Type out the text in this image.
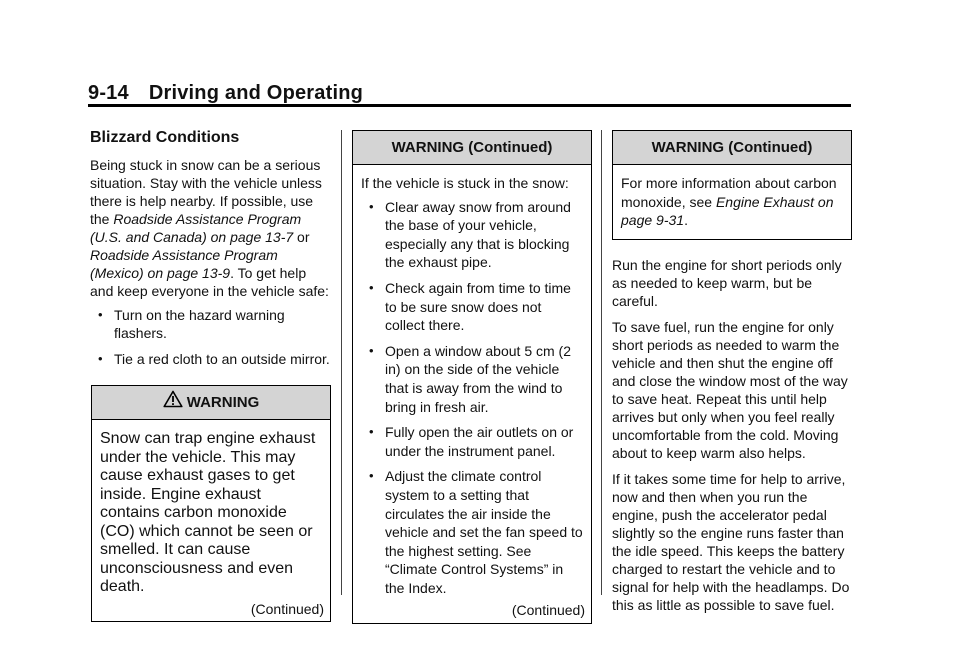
9-14 Driving and Operating
Blizzard Conditions

Being stuck in snow can be a serious situation. Stay with the vehicle unless there is help nearby. If possible, use the Roadside Assistance Program (U.S. and Canada) on page 13-7 or Roadside Assistance Program (Mexico) on page 13-9. To get help and keep everyone in the vehicle safe:

• Turn on the hazard warning flashers.
• Tie a red cloth to an outside mirror.
WARNING
Snow can trap engine exhaust under the vehicle. This may cause exhaust gases to get inside. Engine exhaust contains carbon monoxide (CO) which cannot be seen or smelled. It can cause unconsciousness and even death.
(Continued)
WARNING (Continued)

If the vehicle is stuck in the snow:

• Clear away snow from around the base of your vehicle, especially any that is blocking the exhaust pipe.
• Check again from time to time to be sure snow does not collect there.
• Open a window about 5 cm (2 in) on the side of the vehicle that is away from the wind to bring in fresh air.
• Fully open the air outlets on or under the instrument panel.
• Adjust the climate control system to a setting that circulates the air inside the vehicle and set the fan speed to the highest setting. See “Climate Control Systems” in the Index.
(Continued)
WARNING (Continued)
For more information about carbon monoxide, see Engine Exhaust on page 9-31.

Run the engine for short periods only as needed to keep warm, but be careful.

To save fuel, run the engine for only short periods as needed to warm the vehicle and then shut the engine off and close the window most of the way to save heat. Repeat this until help arrives but only when you feel really uncomfortable from the cold. Moving about to keep warm also helps.

If it takes some time for help to arrive, now and then when you run the engine, push the accelerator pedal slightly so the engine runs faster than the idle speed. This keeps the battery charged to restart the vehicle and to signal for help with the headlamps. Do this as little as possible to save fuel.
